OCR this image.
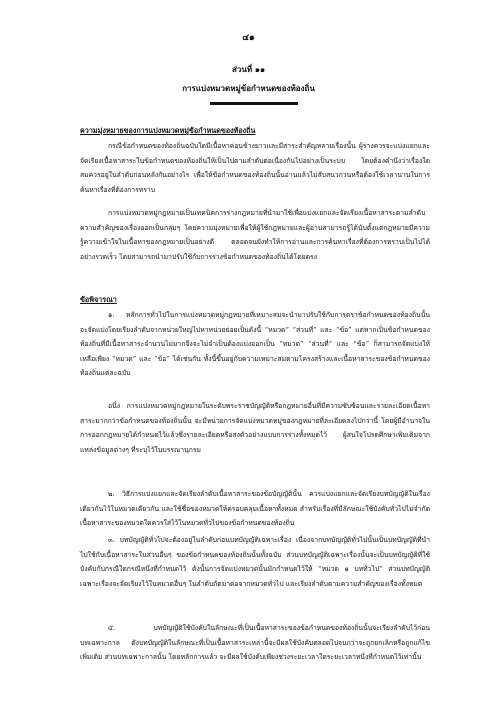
๔๑
ส่วนที่ ๑๑
การแบ่งหมวดหมู่ข้อกำหนดของท้องถิ่น
ความมุ่งหมายของการแบ่งหมวดหมู่ข้อกำหนดของท้องถิ่น

กรณีข้อกำหนดของท้องถิ่นฉบับใดมีเนื้อหาค่อนข้างยาวและมีสาระสำคัญหลายเรื่องนั้น ผู้ร่างควรจะแบ่งแยกและจัดเรียงเนื้อหาสาระในข้อกำหนดของท้องถิ่นให้เป็นไปตามลำดับต่อเนื่องกันไปอย่างเป็นระบบ โดยต้องคำนึงว่าเรื่องใดสมควรอยู่ในลำดับก่อนหลังกันอย่างไร เพื่อให้ข้อกำหนดของท้องถิ่นนั้นอ่านแล้วไม่สับสนวกวนหรือต้องใช้เวลานานในการค้นหาเรื่องที่ต้องการทราบ

การแบ่งหมวดหมู่กฎหมายเป็นเทคนิคการร่างกฎหมายที่นำมาใช้เพื่อแบ่งแยกและจัดเรียงเนื้อหาสาระตามลำดับความสำคัญของเรื่องออกเป็นกลุ่มๆ โดยความมุ่งหมายเพื่อให้ผู้ใช้กฎหมายและผู้อ่านสามารถรู้ได้นับตั้งแต่กฎหมายมีความรู้ความเข้าใจในเนื้อหาของกฎหมายเป็นอย่างดี ตลอดจนยังทำให้การอ่านและการค้นหาเรื่องที่ต้องการทราบเป็นไปได้อย่างรวดเร็ว โดยสามารถนำมาปรับใช้กับการร่างข้อกำหนดของท้องถิ่นได้โดยตรง

ข้อพิจารณา

๑. หลักการทั่วไปในการแบ่งหมวดหมู่กฎหมายที่เหมาะสมจะนำมาปรับใช้กับการตราข้อกำหนดของท้องถิ่นนั้น จะจัดแบ่งโดยเรียงลำดับจากหน่วยใหญ่ไปหาหน่วยย่อยเป็นดังนี้ “หมวด” “ส่วนที่” และ “ข้อ” แต่หากเป็นข้อกำหนดของท้องถิ่นที่มีเนื้อหาสาระจำนวนไม่มากจึงจะไม่จำเป็นต้องแบ่งออกเป็น “หมวด” “ส่วนที่” และ “ข้อ” ก็สามารถจัดแบ่งให้เหลือเพียง “หมวด” และ “ข้อ” ได้เช่นกัน ทั้งนี้ขึ้นอยู่กับความเหมาะสมตามโครงสร้างและเนื้อหาสาระของข้อกำหนดของท้องถิ่นแต่ละฉบับ

อนึ่ง การแบ่งหมวดหมู่กฎหมายในระดับพระราชบัญญัติหรือกฎหมายอื่นที่มีความซับซ้อนและรายละเอียดเนื้อหาสาระมากกว่าข้อกำหนดของท้องถิ่นนั้น จะมีหน่วยการจัดแบ่งหมวดหมู่ของกฎหมายที่ละเอียดลงไปกว่านี้ โดยผู้มีอำนาจในการออกกฎหมายได้กำหนดไว้แล้วซึ่งรายละเอียดหรือสงตัวอย่างแบบการร่างทั้งหมดไว้ ผู้สนใจโปรดศึกษาเพิ่มเติมจากแหล่งข้อมูลต่างๆ ที่ระบุไว้ในบรรณานุกรม

๒. วิธีการแบ่งแยกและจัดเรียงลำดับเนื้อหาสาระของข้อบัญญัตินั้น ควรแบ่งแยกและจัดเรียงบทบัญญัติในเรื่องเดียวกันไว้ในหมวดเดียวกัน และใช้ชื่อของหมวดให้ครอบคลุมเนื้อหาทั้งหมด สำหรับเรื่องที่มีลักษณะใช้บังคับทั่วไปไม่จำกัดเนื้อหาสาระของหมวดใดควรใส่ไว้ในหมวดทั่วไปของข้อกำหนดของท้องถิ่น

๓. บทบัญญัติทั่วไปจะต้องอยู่ในลำดับก่อนบทบัญญัติเฉพาะเรื่อง เนื่องจากบทบัญญัติทั่วไปนั้นเป็นบทบัญญัติที่นำไปใช้กับเนื้อหาสาระในส่วนอื่นๆ ของข้อกำหนดของท้องถิ่นนั้นทั้งฉบับ ส่วนบทบัญญัติเฉพาะเรื่องนั้นจะเป็นบทบัญญัติที่ใช้บังคับกับกรณีใดกรณีหนึ่งที่กำหนดไว้ ดังนั้นการจัดแบ่งหมวดนั้นมักกำหนดไว้ให้ “หมวด ๑ บททั่วไป” ส่วนบทบัญญัติเฉพาะเรื่องจะจัดเรียงไว้ในหมวดอื่นๆ ในลำดับถัดมาต่อจากหมวดทั่วไป และเรียงลำดับตามความสำคัญของเรื่องทั้งหมด

๔. บทบัญญัติใช้บังคับในลักษณะที่เป็นเนื้อหาสาระของข้อกำหนดของท้องถิ่นนั้นจะเรียงลำดับไว้ก่อนบทเฉพาะกาล ดังบทบัญญัติในลักษณะที่เป็นเนื้อหาสาระเหล่านี้จะมีผลใช้บังคับตลอดไปจนกว่าจะถูกยกเลิกหรือถูกแก้ไขเพิ่มเติม ส่วนบทเฉพาะกาลนั้น โดยหลักการแล้ว จะมีผลใช้บังคับเพียงช่วงระยะเวลาใดระยะเวลาหนึ่งที่กำหนดไว้เท่านั้น
